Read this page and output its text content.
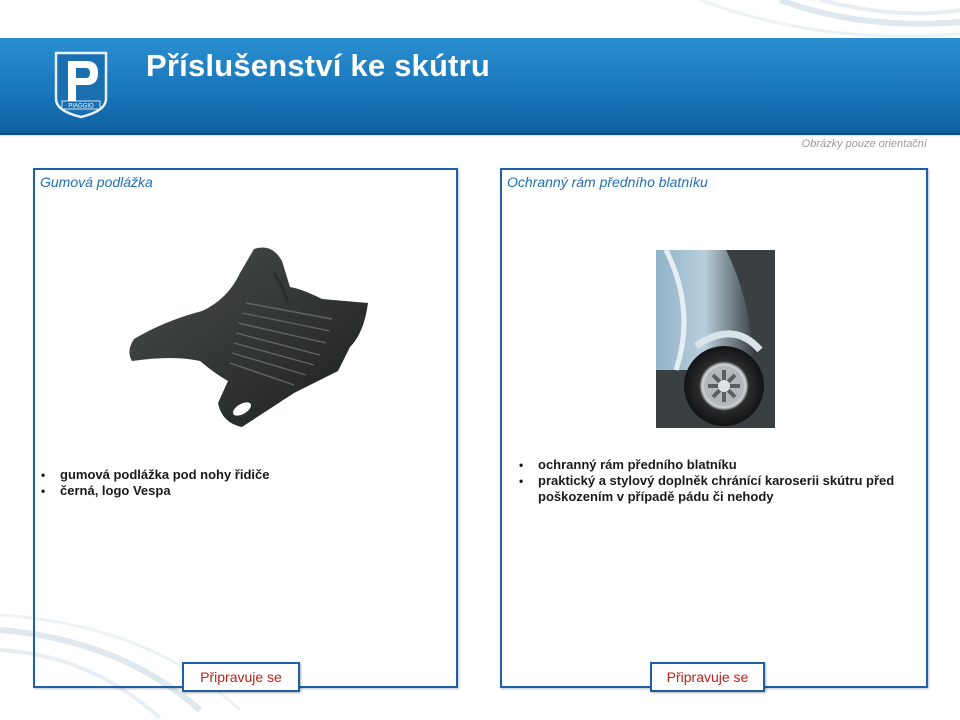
PIAGGIO
Příslušenství ke skútru
Obrázky pouze orientační
Gumová podlážka
• gumová podlážka pod nohy řidiče
• černá, logo Vespa
Ochranný rám předního blatníku
• ochranný rám předního blatníku
• praktický a stylový doplněk chránící karoserii skútru před poškozením v případě pádu či nehody
Připravuje se	Připravuje se
